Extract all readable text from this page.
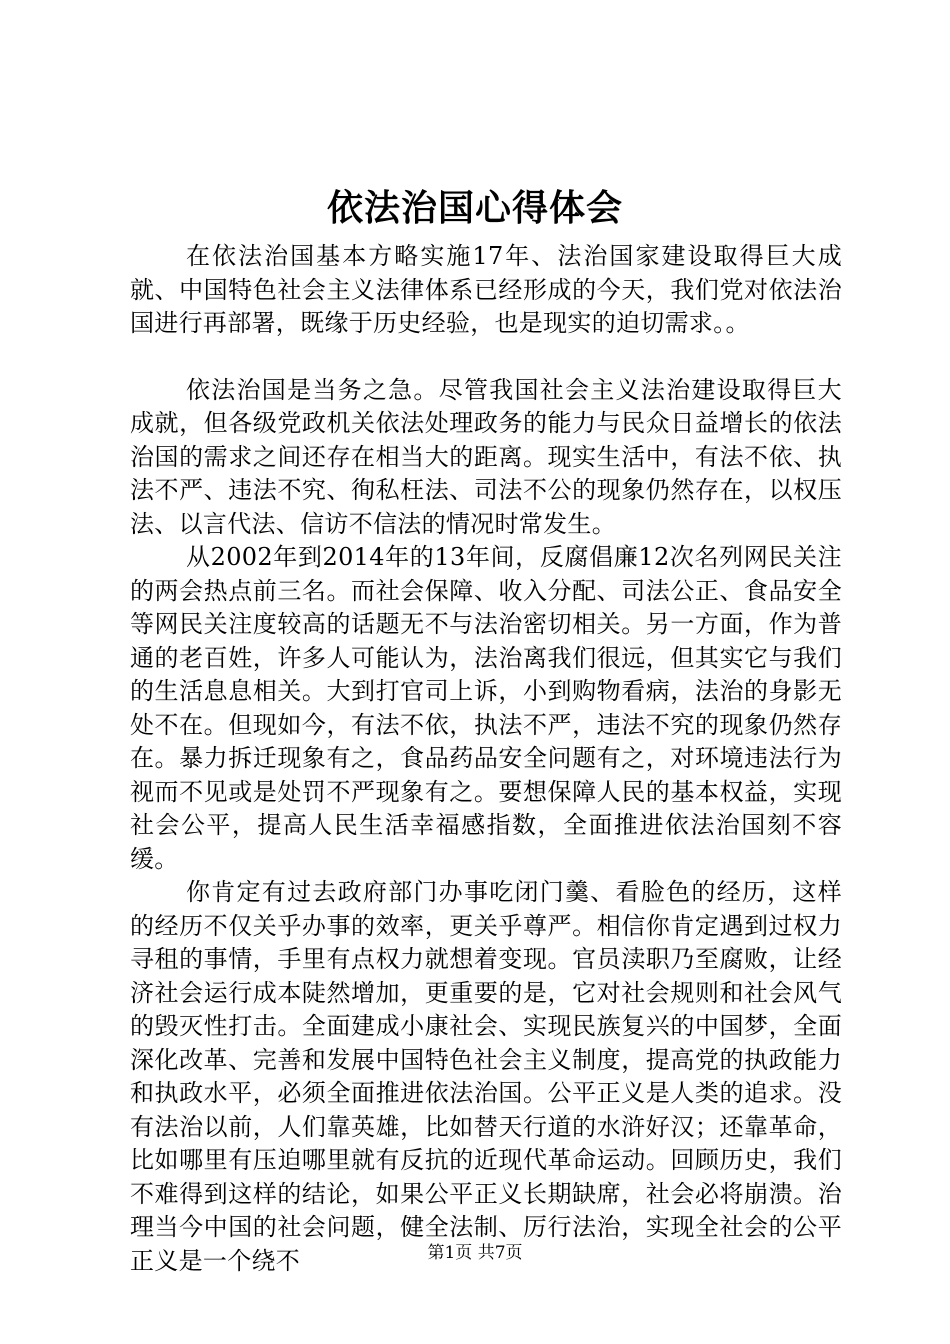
依法治国心得体会

在依法治国基本方略实施17年、法治国家建设取得巨大成就、中国特色社会主义法律体系已经形成的今天，我们党对依法治国进行再部署，既缘于历史经验，也是现实的迫切需求。。

依法治国是当务之急。尽管我国社会主义法治建设取得巨大成就，但各级党政机关依法处理政务的能力与民众日益增长的依法治国的需求之间还存在相当大的距离。现实生活中，有法不依、执法不严、违法不究、徇私枉法、司法不公的现象仍然存在，以权压法、以言代法、信访不信法的情况时常发生。

从2002年到2014年的13年间，反腐倡廉12次名列网民关注的两会热点前三名。而社会保障、收入分配、司法公正、食品安全等网民关注度较高的话题无不与法治密切相关。另一方面，作为普通的老百姓，许多人可能认为，法治离我们很远，但其实它与我们的生活息息相关。大到打官司上诉，小到购物看病，法治的身影无处不在。但现如今，有法不依，执法不严，违法不究的现象仍然存在。暴力拆迁现象有之，食品药品安全问题有之，对环境违法行为视而不见或是处罚不严现象有之。要想保障人民的基本权益，实现社会公平，提高人民生活幸福感指数，全面推进依法治国刻不容缓。

你肯定有过去政府部门办事吃闭门羹、看脸色的经历，这样的经历不仅关乎办事的效率，更关乎尊严。相信你肯定遇到过权力寻租的事情，手里有点权力就想着变现。官员渎职乃至腐败，让经济社会运行成本陡然增加，更重要的是，它对社会规则和社会风气的毁灭性打击。全面建成小康社会、实现民族复兴的中国梦，全面深化改革、完善和发展中国特色社会主义制度，提高党的执政能力和执政水平，必须全面推进依法治国。公平正义是人类的追求。没有法治以前，人们靠英雄，比如替天行道的水浒好汉；还靠革命，比如哪里有压迫哪里就有反抗的近现代革命运动。回顾历史，我们不难得到这样的结论，如果公平正义长期缺席，社会必将崩溃。治理当今中国的社会问题，健全法制、厉行法治，实现全社会的公平正义是一个绕不	第1页 共7页
